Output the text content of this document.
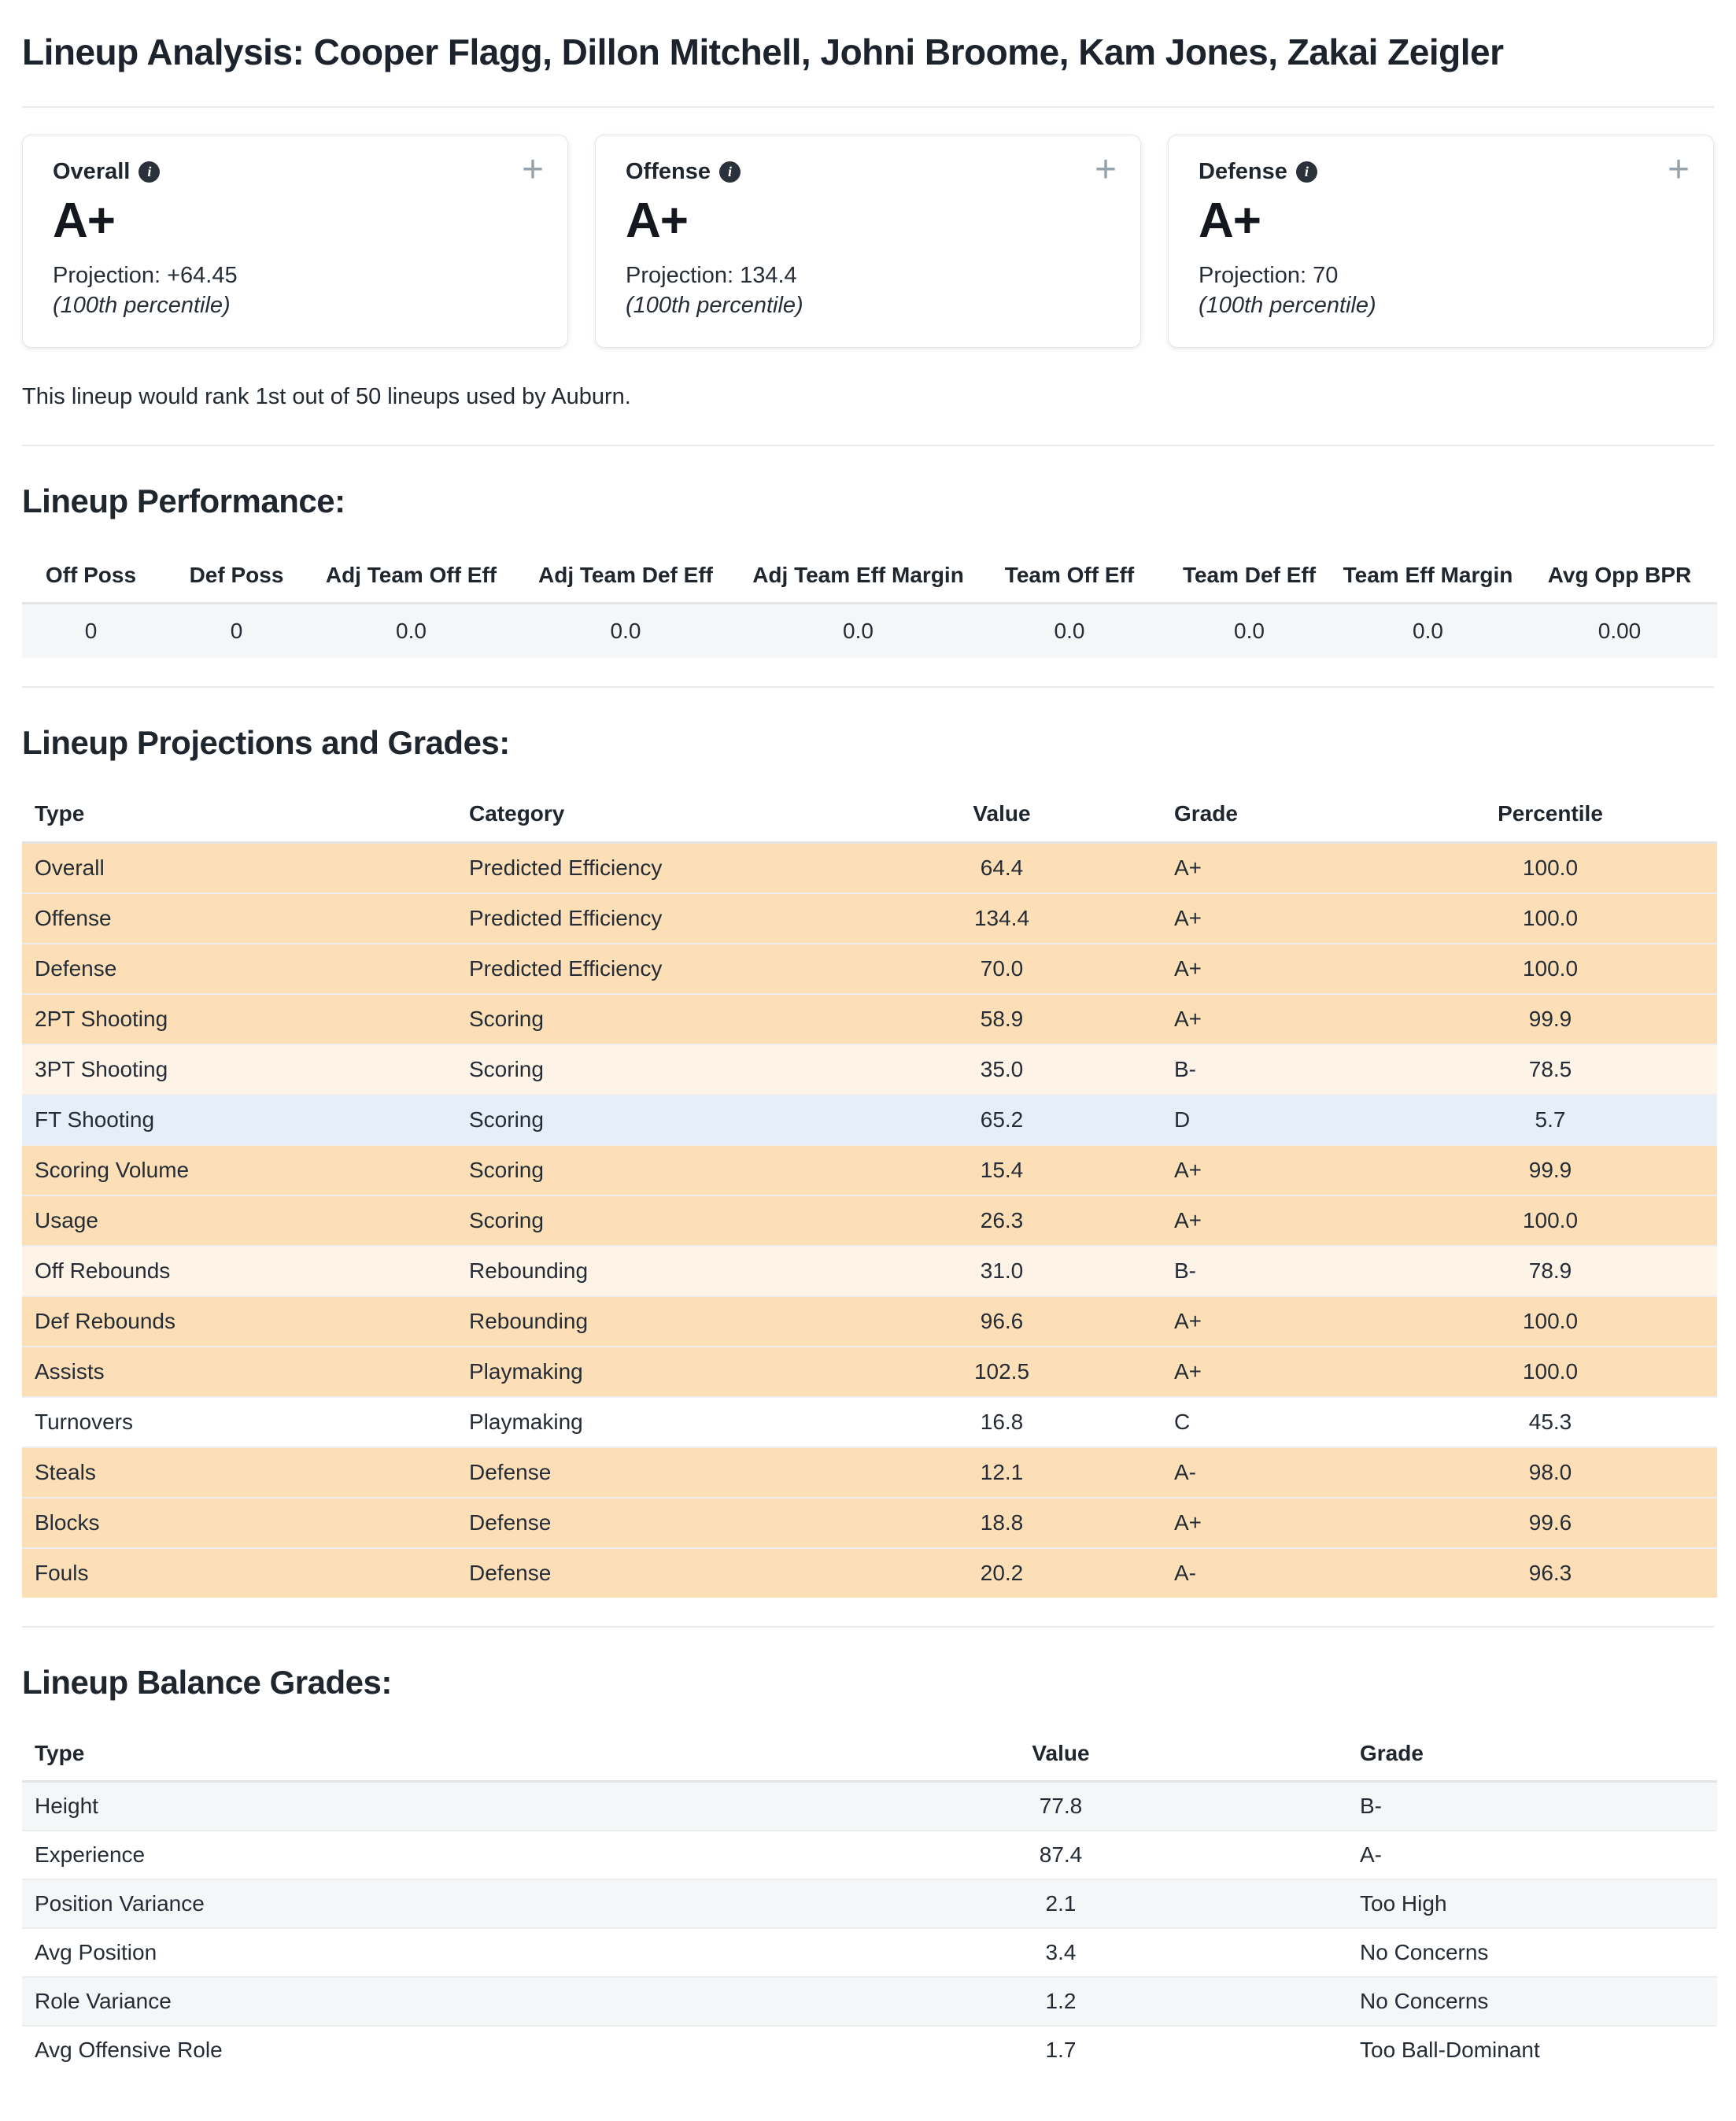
Lineup Analysis: Cooper Flagg, Dillon Mitchell, Johni Broome, Kam Jones, Zakai Zeigler
Overall	i	+
A+
Projection: +64.45
(100th percentile)
Offense	i	+
A+
Projection: 134.4
(100th percentile)
Defense	i	+
A+
Projection: 70
(100th percentile)

This lineup would rank 1st out of 50 lineups used by Auburn.

Lineup Performance:
Off Poss	Def Poss	Adj Team Off Eff	Adj Team Def Eff	Adj Team Eff Margin	Team Off Eff	Team Def Eff	Team Eff Margin	Avg Opp BPR
0	0	0.0	0.0	0.0	0.0	0.0	0.0	0.00
Lineup Projections and Grades:
Type	Category	Value	Grade	Percentile
Overall	Predicted Efficiency	64.4	A+	100.0
Offense	Predicted Efficiency	134.4	A+	100.0
Defense	Predicted Efficiency	70.0	A+	100.0
2PT Shooting	Scoring	58.9	A+	99.9
3PT Shooting	Scoring	35.0	B-	78.5
FT Shooting	Scoring	65.2	D	5.7
Scoring Volume	Scoring	15.4	A+	99.9
Usage	Scoring	26.3	A+	100.0
Off Rebounds	Rebounding	31.0	B-	78.9
Def Rebounds	Rebounding	96.6	A+	100.0
Assists	Playmaking	102.5	A+	100.0
Turnovers	Playmaking	16.8	C	45.3
Steals	Defense	12.1	A-	98.0
Blocks	Defense	18.8	A+	99.6
Fouls	Defense	20.2	A-	96.3
Lineup Balance Grades:
Type	Value	Grade
Height	77.8	B-
Experience	87.4	A-
Position Variance	2.1	Too High
Avg Position	3.4	No Concerns
Role Variance	1.2	No Concerns
Avg Offensive Role	1.7	Too Ball-Dominant
